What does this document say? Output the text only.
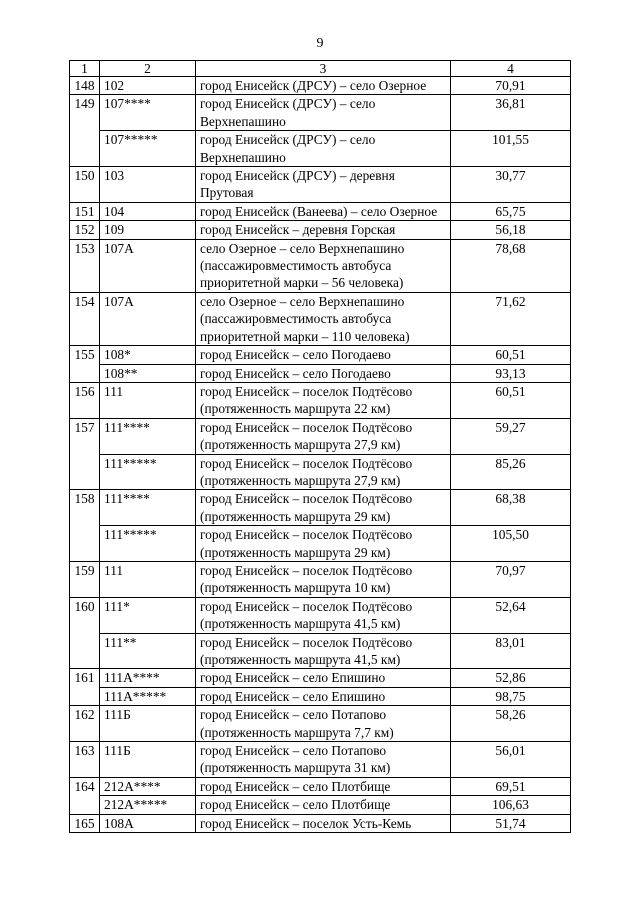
9
1	2	3	4
148	102	город Енисейск (ДРСУ) – село Озерное	70,91
149	107****	город Енисейск (ДРСУ) – село Верхнепашино	36,81
	107*****	город Енисейск (ДРСУ) – село Верхнепашино	101,55
150	103	город Енисейск (ДРСУ) – деревня Прутовая	30,77
151	104	город Енисейск (Ванеева) – село Озерное	65,75
152	109	город Енисейск – деревня Горская	56,18
153	107А	село Озерное – село Верхнепашино (пассажировместимость автобуса приоритетной марки – 56 человека)	78,68
154	107А	село Озерное – село Верхнепашино (пассажировместимость автобуса приоритетной марки – 110 человека)	71,62
155	108*	город Енисейск – село Погодаево	60,51
	108**	город Енисейск – село Погодаево	93,13
156	111	город Енисейск – поселок Подтёсово (протяженность маршрута 22 км)	60,51
157	111****	город Енисейск – поселок Подтёсово (протяженность маршрута 27,9 км)	59,27
	111*****	город Енисейск – поселок Подтёсово (протяженность маршрута 27,9 км)	85,26
158	111****	город Енисейск – поселок Подтёсово (протяженность маршрута 29 км)	68,38
	111*****	город Енисейск – поселок Подтёсово (протяженность маршрута 29 км)	105,50
159	111	город Енисейск – поселок Подтёсово (протяженность маршрута 10 км)	70,97
160	111*	город Енисейск – поселок Подтёсово (протяженность маршрута 41,5 км)	52,64
	111**	город Енисейск – поселок Подтёсово (протяженность маршрута 41,5 км)	83,01
161	111А****	город Енисейск – село Епишино	52,86
	111А*****	город Енисейск – село Епишино	98,75
162	111Б	город Енисейск – село Потапово (протяженность маршрута 7,7 км)	58,26
163	111Б	город Енисейск – село Потапово (протяженность маршрута 31 км)	56,01
164	212А****	город Енисейск – село Плотбище	69,51
	212А*****	город Енисейск – село Плотбище	106,63
165	108А	город Енисейск – поселок Усть-Кемь	51,74
